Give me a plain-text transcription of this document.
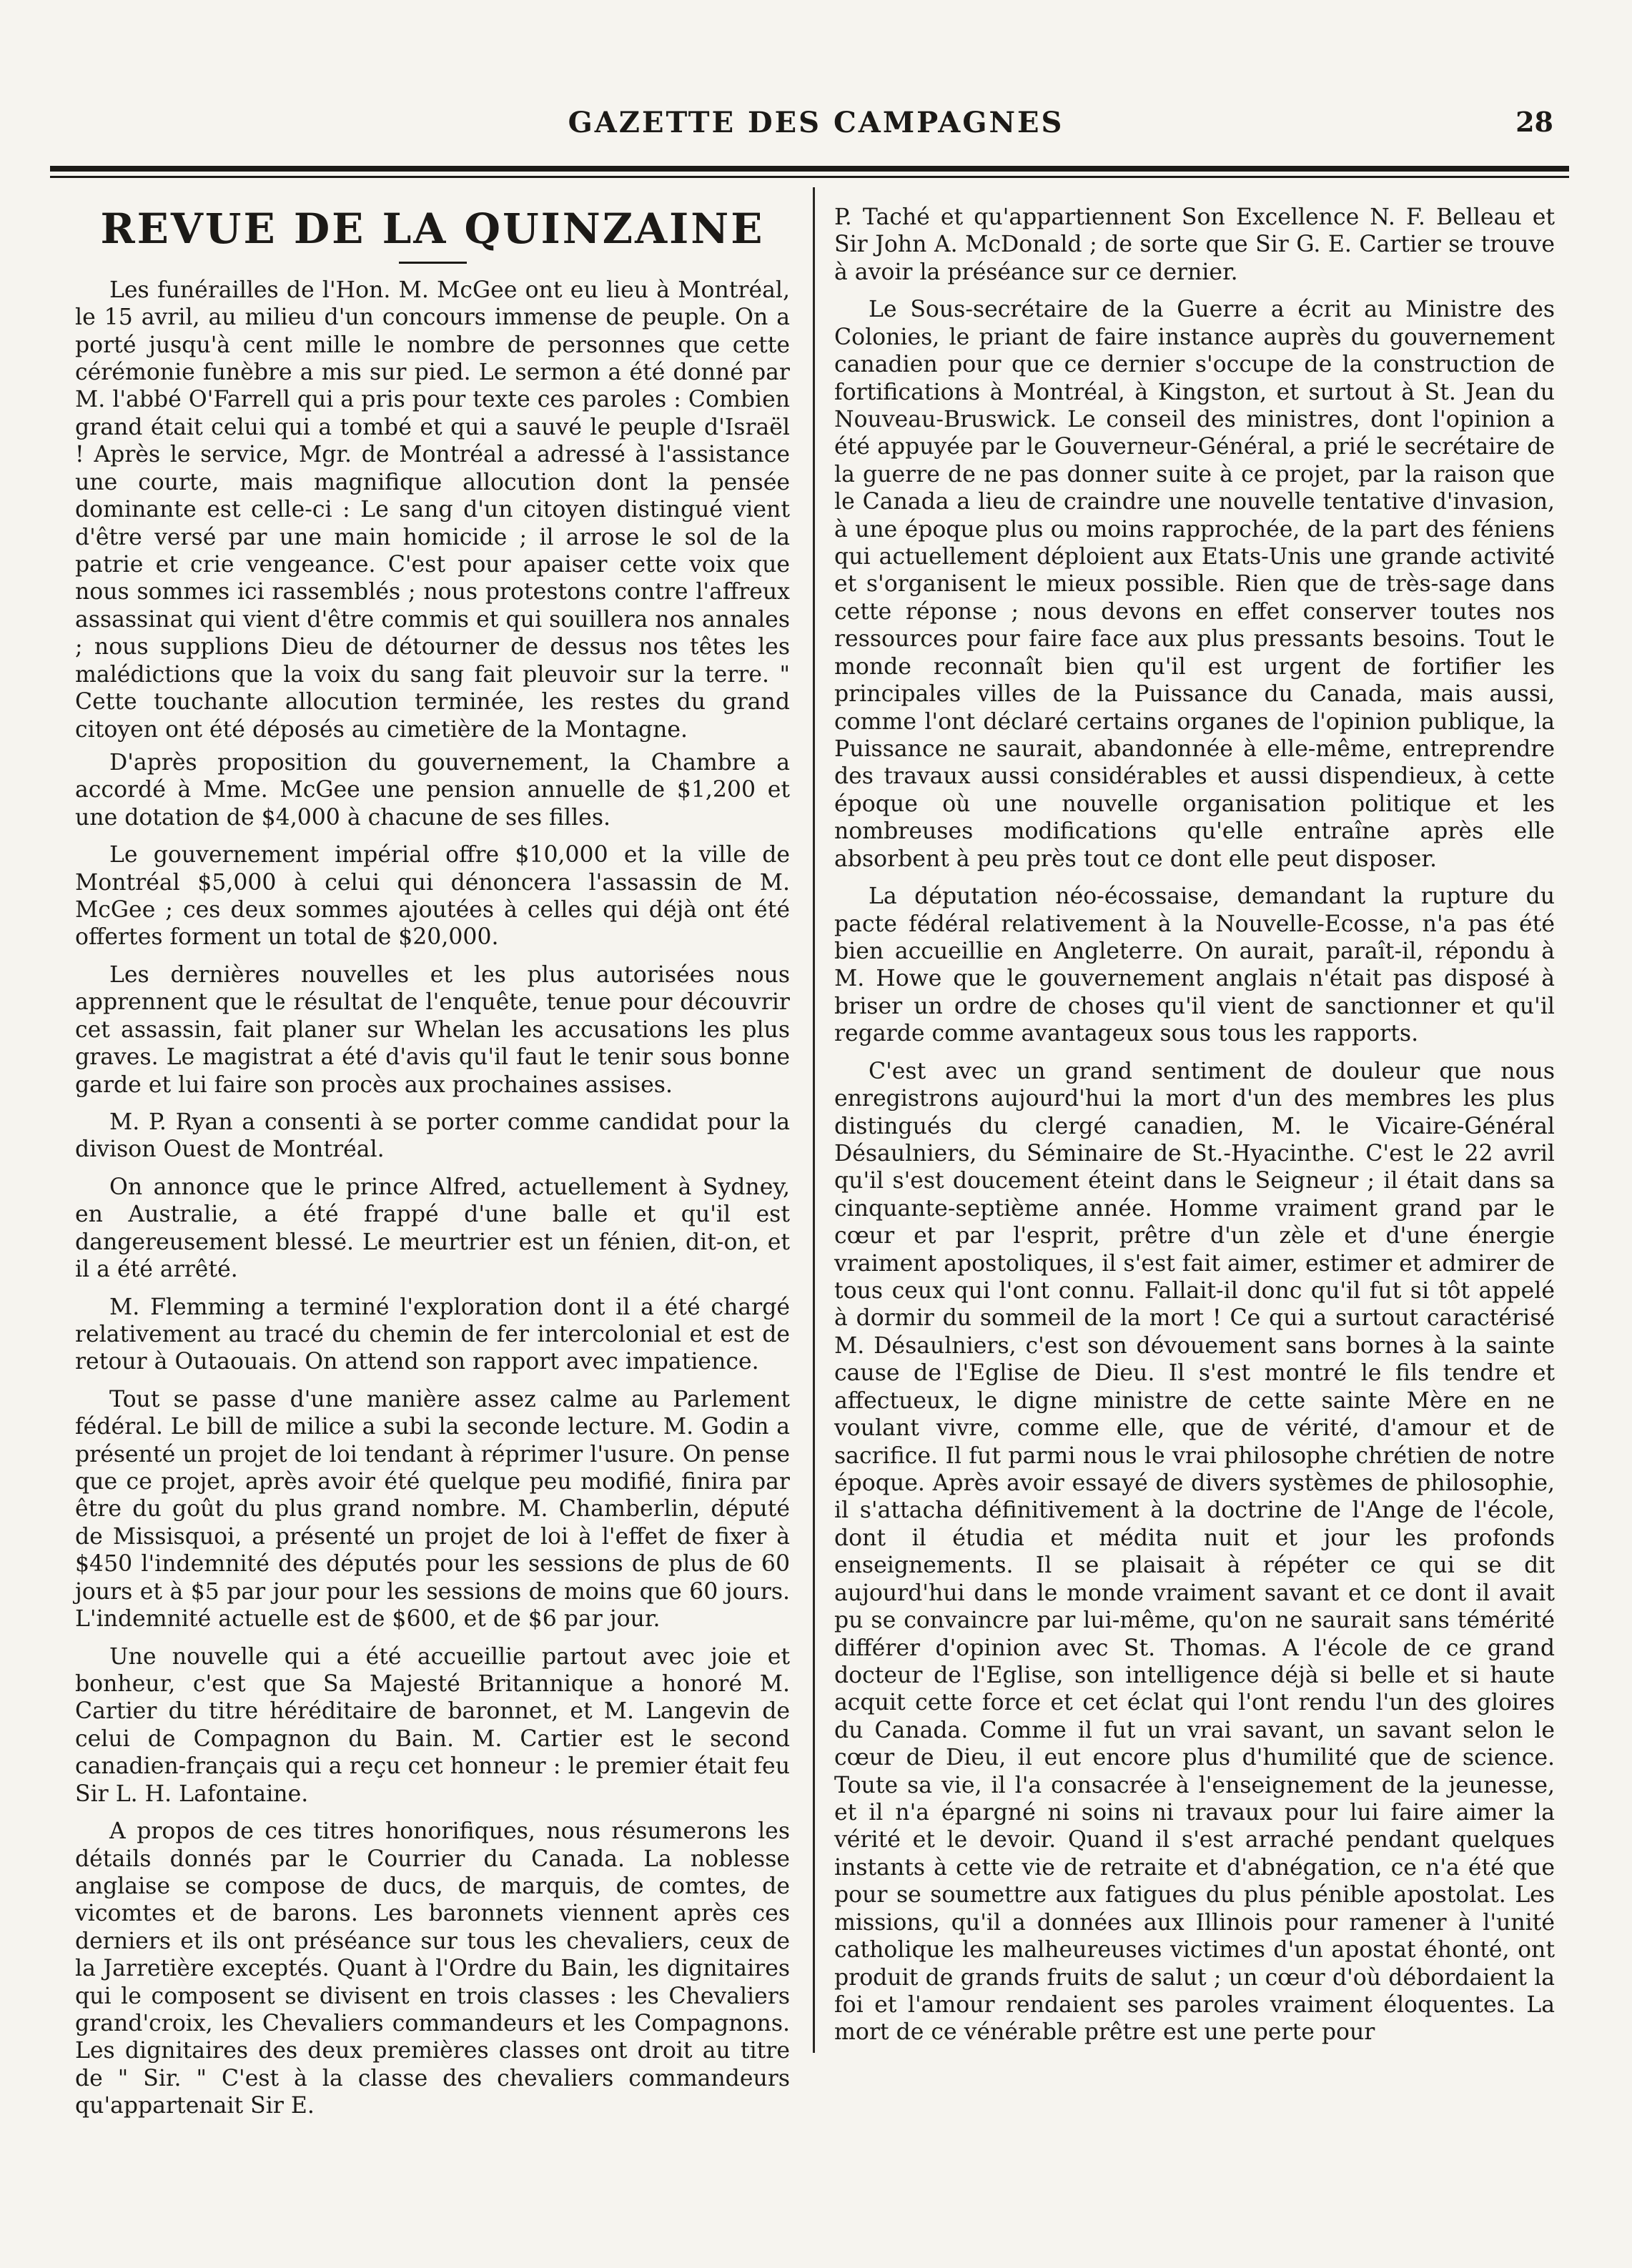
GAZETTE DES CAMPAGNES	28
REVUE DE LA QUINZAINE

Les funérailles de l'Hon. M. McGee ont eu lieu à Montréal, le 15 avril, au milieu d'un concours immense de peuple. On a porté jusqu'à cent mille le nombre de personnes que cette cérémonie funèbre a mis sur pied. Le sermon a été donné par M. l'abbé O'Farrell qui a pris pour texte ces paroles : Combien grand était celui qui a tombé et qui a sauvé le peuple d'Israël ! Après le service, Mgr. de Montréal a adressé à l'assistance une courte, mais magnifique allocution dont la pensée dominante est celle-ci : Le sang d'un citoyen distingué vient d'être versé par une main homicide ; il arrose le sol de la patrie et crie vengeance. C'est pour apaiser cette voix que nous sommes ici rassemblés ; nous protestons contre l'affreux assassinat qui vient d'être commis et qui souillera nos annales ; nous supplions Dieu de détourner de dessus nos têtes les malédictions que la voix du sang fait pleuvoir sur la terre. " Cette touchante allocution terminée, les restes du grand citoyen ont été déposés au cimetière de la Montagne.

D'après proposition du gouvernement, la Chambre a accordé à Mme. McGee une pension annuelle de $1,200 et une dotation de $4,000 à chacune de ses filles.

Le gouvernement impérial offre $10,000 et la ville de Montréal $5,000 à celui qui dénoncera l'assassin de M. McGee ; ces deux sommes ajoutées à celles qui déjà ont été offertes forment un total de $20,000.

Les dernières nouvelles et les plus autorisées nous apprennent que le résultat de l'enquête, tenue pour découvrir cet assassin, fait planer sur Whelan les accusations les plus graves. Le magistrat a été d'avis qu'il faut le tenir sous bonne garde et lui faire son procès aux prochaines assises.

M. P. Ryan a consenti à se porter comme candidat pour la divison Ouest de Montréal.

On annonce que le prince Alfred, actuellement à Sydney, en Australie, a été frappé d'une balle et qu'il est dangereusement blessé. Le meurtrier est un fénien, dit-on, et il a été arrêté.

M. Flemming a terminé l'exploration dont il a été chargé relativement au tracé du chemin de fer intercolonial et est de retour à Outaouais. On attend son rapport avec impatience.

Tout se passe d'une manière assez calme au Parlement fédéral. Le bill de milice a subi la seconde lecture. M. Godin a présenté un projet de loi tendant à réprimer l'usure. On pense que ce projet, après avoir été quelque peu modifié, finira par être du goût du plus grand nombre. M. Chamberlin, député de Missisquoi, a présenté un projet de loi à l'effet de fixer à $450 l'indemnité des députés pour les sessions de plus de 60 jours et à $5 par jour pour les sessions de moins que 60 jours. L'indemnité actuelle est de $600, et de $6 par jour.

Une nouvelle qui a été accueillie partout avec joie et bonheur, c'est que Sa Majesté Britannique a honoré M. Cartier du titre héréditaire de baronnet, et M. Langevin de celui de Compagnon du Bain. M. Cartier est le second canadien-français qui a reçu cet honneur : le premier était feu Sir L. H. Lafontaine.

A propos de ces titres honorifiques, nous résumerons les détails donnés par le Courrier du Canada. La noblesse anglaise se compose de ducs, de marquis, de comtes, de vicomtes et de barons. Les baronnets viennent après ces derniers et ils ont préséance sur tous les chevaliers, ceux de la Jarretière exceptés. Quant à l'Ordre du Bain, les dignitaires qui le composent se divisent en trois classes : les Chevaliers grand'croix, les Chevaliers commandeurs et les Compagnons. Les dignitaires des deux premières classes ont droit au titre de " Sir. " C'est à la classe des chevaliers commandeurs qu'appartenait Sir E.

P. Taché et qu'appartiennent Son Excellence N. F. Belleau et Sir John A. McDonald ; de sorte que Sir G. E. Cartier se trouve à avoir la préséance sur ce dernier.

Le Sous-secrétaire de la Guerre a écrit au Ministre des Colonies, le priant de faire instance auprès du gouvernement canadien pour que ce dernier s'occupe de la construction de fortifications à Montréal, à Kingston, et surtout à St. Jean du Nouveau-Bruswick. Le conseil des ministres, dont l'opinion a été appuyée par le Gouverneur-Général, a prié le secrétaire de la guerre de ne pas donner suite à ce projet, par la raison que le Canada a lieu de craindre une nouvelle tentative d'invasion, à une époque plus ou moins rapprochée, de la part des féniens qui actuellement déploient aux Etats-Unis une grande activité et s'organisent le mieux possible. Rien que de très-sage dans cette réponse ; nous devons en effet conserver toutes nos ressources pour faire face aux plus pressants besoins. Tout le monde reconnaît bien qu'il est urgent de fortifier les principales villes de la Puissance du Canada, mais aussi, comme l'ont déclaré certains organes de l'opinion publique, la Puissance ne saurait, abandonnée à elle-même, entreprendre des travaux aussi considérables et aussi dispendieux, à cette époque où une nouvelle organisation politique et les nombreuses modifications qu'elle entraîne après elle absorbent à peu près tout ce dont elle peut disposer.

La députation néo-écossaise, demandant la rupture du pacte fédéral relativement à la Nouvelle-Ecosse, n'a pas été bien accueillie en Angleterre. On aurait, paraît-il, répondu à M. Howe que le gouvernement anglais n'était pas disposé à briser un ordre de choses qu'il vient de sanctionner et qu'il regarde comme avantageux sous tous les rapports.

C'est avec un grand sentiment de douleur que nous enregistrons aujourd'hui la mort d'un des membres les plus distingués du clergé canadien, M. le Vicaire-Général Désaulniers, du Séminaire de St.-Hyacinthe. C'est le 22 avril qu'il s'est doucement éteint dans le Seigneur ; il était dans sa cinquante-septième année. Homme vraiment grand par le cœur et par l'esprit, prêtre d'un zèle et d'une énergie vraiment apostoliques, il s'est fait aimer, estimer et admirer de tous ceux qui l'ont connu. Fallait-il donc qu'il fut si tôt appelé à dormir du sommeil de la mort ! Ce qui a surtout caractérisé M. Désaulniers, c'est son dévouement sans bornes à la sainte cause de l'Eglise de Dieu. Il s'est montré le fils tendre et affectueux, le digne ministre de cette sainte Mère en ne voulant vivre, comme elle, que de vérité, d'amour et de sacrifice. Il fut parmi nous le vrai philosophe chrétien de notre époque. Après avoir essayé de divers systèmes de philosophie, il s'attacha définitivement à la doctrine de l'Ange de l'école, dont il étudia et médita nuit et jour les profonds enseignements. Il se plaisait à répéter ce qui se dit aujourd'hui dans le monde vraiment savant et ce dont il avait pu se convaincre par lui-même, qu'on ne saurait sans témérité différer d'opinion avec St. Thomas. A l'école de ce grand docteur de l'Eglise, son intelligence déjà si belle et si haute acquit cette force et cet éclat qui l'ont rendu l'un des gloires du Canada. Comme il fut un vrai savant, un savant selon le cœur de Dieu, il eut encore plus d'humilité que de science. Toute sa vie, il l'a consacrée à l'enseignement de la jeunesse, et il n'a épargné ni soins ni travaux pour lui faire aimer la vérité et le devoir. Quand il s'est arraché pendant quelques instants à cette vie de retraite et d'abnégation, ce n'a été que pour se soumettre aux fatigues du plus pénible apostolat. Les missions, qu'il a données aux Illinois pour ramener à l'unité catholique les malheureuses victimes d'un apostat éhonté, ont produit de grands fruits de salut ; un cœur d'où débordaient la foi et l'amour rendaient ses paroles vraiment éloquentes. La mort de ce vénérable prêtre est une perte pour
